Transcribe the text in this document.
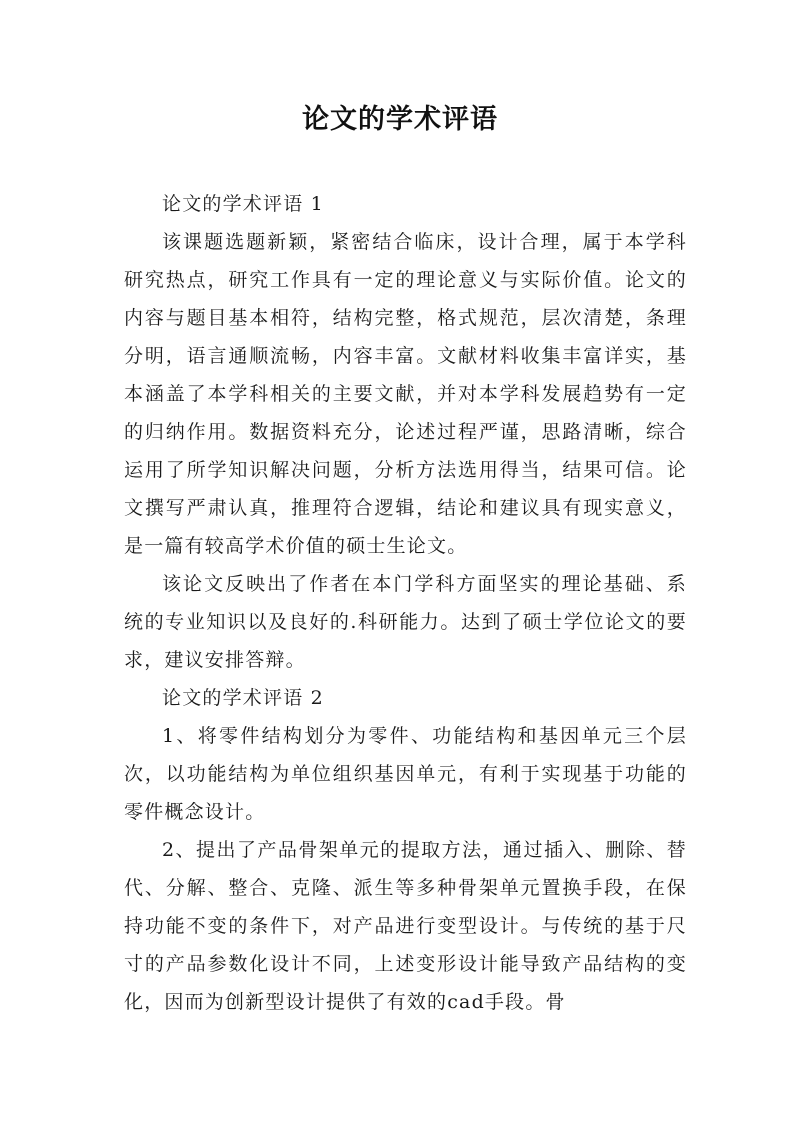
论文的学术评语

论文的学术评语 1

该课题选题新颖，紧密结合临床，设计合理，属于本学科研究热点，研究工作具有一定的理论意义与实际价值。论文的内容与题目基本相符，结构完整，格式规范，层次清楚，条理分明，语言通顺流畅，内容丰富。文献材料收集丰富详实，基本涵盖了本学科相关的主要文献，并对本学科发展趋势有一定的归纳作用。数据资料充分，论述过程严谨，思路清晰，综合运用了所学知识解决问题，分析方法选用得当，结果可信。论文撰写严肃认真，推理符合逻辑，结论和建议具有现实意义，是一篇有较高学术价值的硕士生论文。

该论文反映出了作者在本门学科方面坚实的理论基础、系统的专业知识以及良好的.科研能力。达到了硕士学位论文的要求，建议安排答辩。

论文的学术评语 2

1、将零件结构划分为零件、功能结构和基因单元三个层次，以功能结构为单位组织基因单元，有利于实现基于功能的零件概念设计。

2、提出了产品骨架单元的提取方法，通过插入、删除、替代、分解、整合、克隆、派生等多种骨架单元置换手段，在保持功能不变的条件下，对产品进行变型设计。与传统的基于尺寸的产品参数化设计不同，上述变形设计能导致产品结构的变化，因而为创新型设计提供了有效的cad手段。骨
